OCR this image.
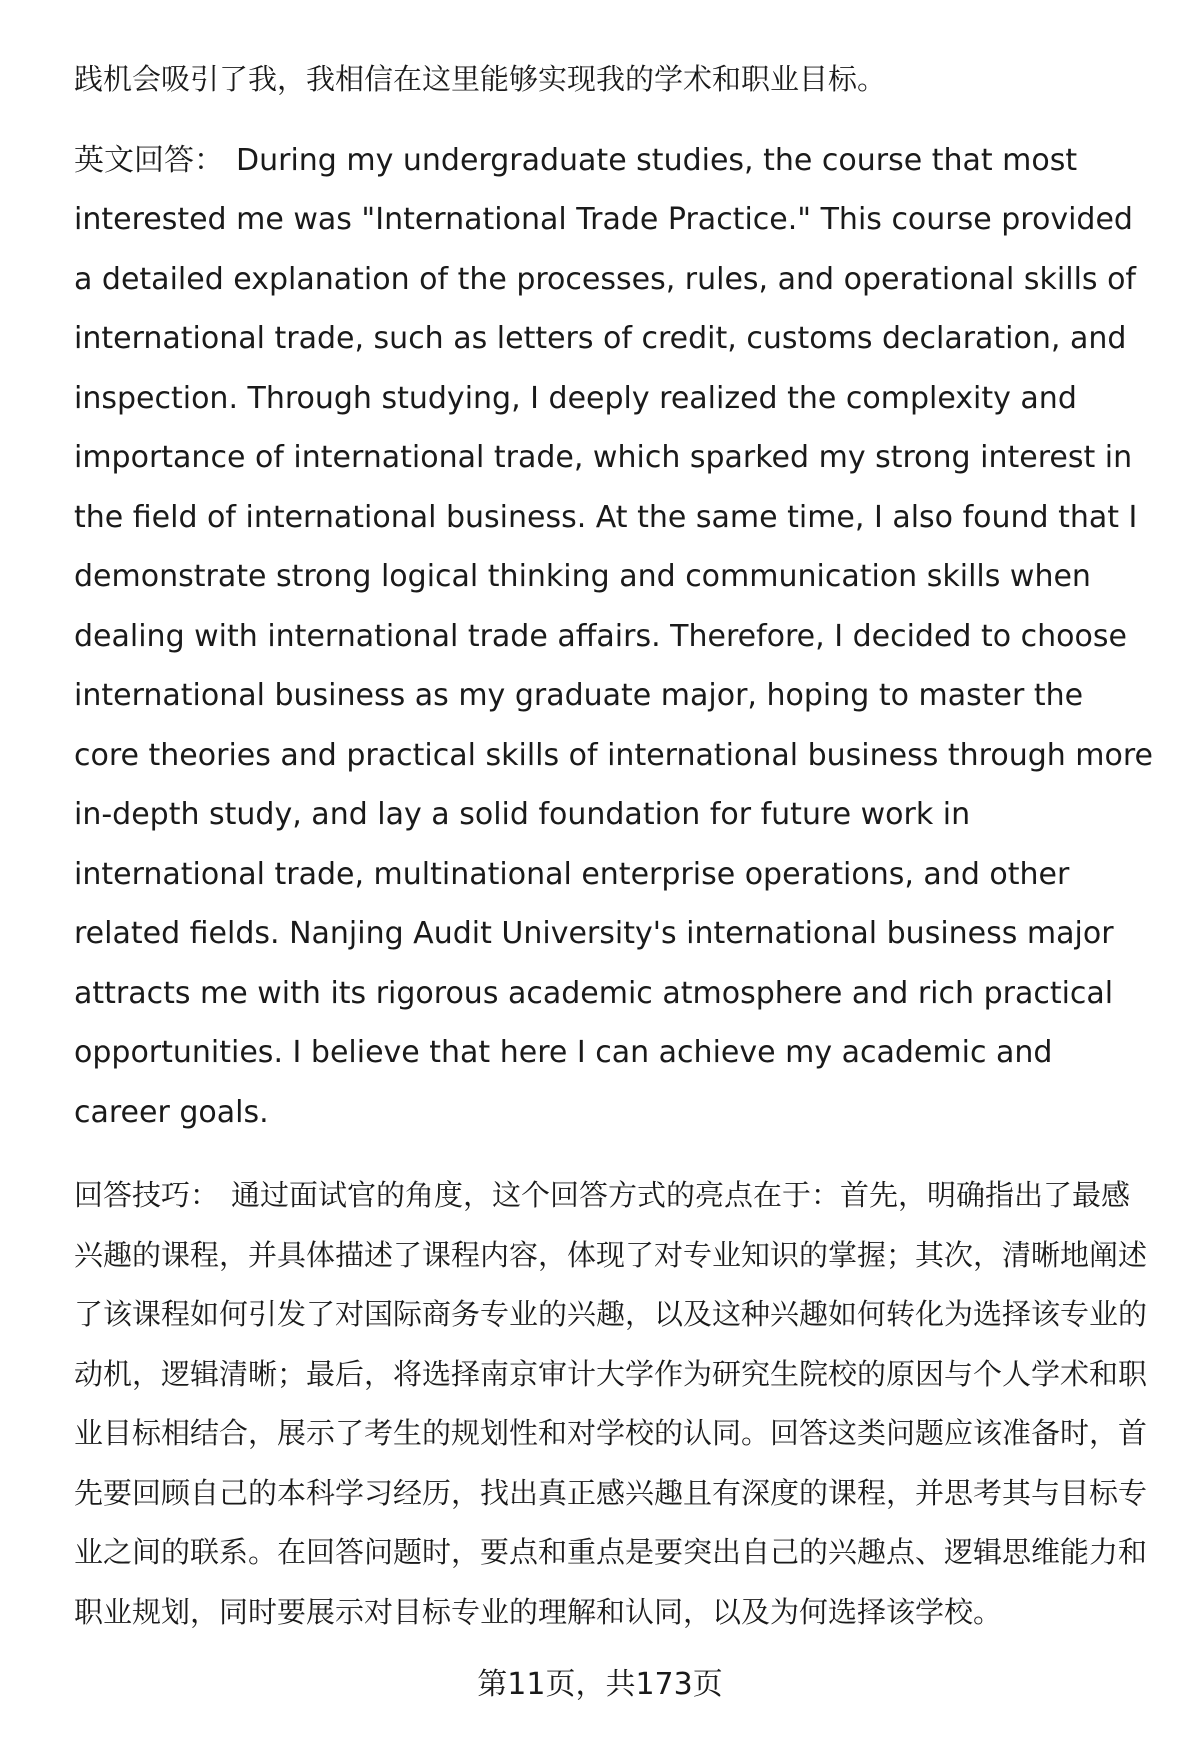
践机会吸引了我，我相信在这里能够实现我的学术和职业目标。

英文回答： During my undergraduate studies, the course that most interested me was "International Trade Practice." This course provided a detailed explanation of the processes, rules, and operational skills of international trade, such as letters of credit, customs declaration, and inspection. Through studying, I deeply realized the complexity and importance of international trade, which sparked my strong interest in the field of international business. At the same time, I also found that I demonstrate strong logical thinking and communication skills when dealing with international trade affairs. Therefore, I decided to choose international business as my graduate major, hoping to master the core theories and practical skills of international business through more in-depth study, and lay a solid foundation for future work in international trade, multinational enterprise operations, and other related fields. Nanjing Audit University's international business major attracts me with its rigorous academic atmosphere and rich practical opportunities. I believe that here I can achieve my academic and career goals.

回答技巧： 通过面试官的角度，这个回答方式的亮点在于：首先，明确指出了最感兴趣的课程，并具体描述了课程内容，体现了对专业知识的掌握；其次，清晰地阐述了该课程如何引发了对国际商务专业的兴趣，以及这种兴趣如何转化为选择该专业的动机，逻辑清晰；最后，将选择南京审计大学作为研究生院校的原因与个人学术和职业目标相结合，展示了考生的规划性和对学校的认同。回答这类问题应该准备时，首先要回顾自己的本科学习经历，找出真正感兴趣且有深度的课程，并思考其与目标专业之间的联系。在回答问题时，要点和重点是要突出自己的兴趣点、逻辑思维能力和职业规划，同时要展示对目标专业的理解和认同，以及为何选择该学校。

第11页，共173页
